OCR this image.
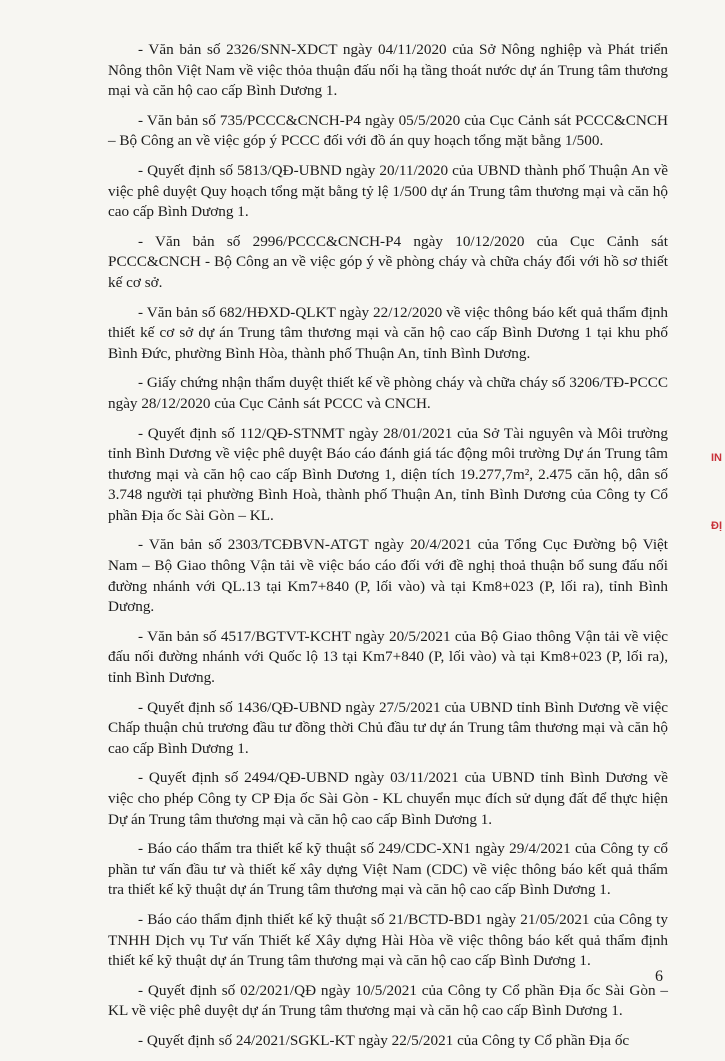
- Văn bản số 2326/SNN-XDCT ngày 04/11/2020 của Sở Nông nghiệp và Phát triển Nông thôn Việt Nam về việc thỏa thuận đấu nối hạ tầng thoát nước dự án Trung tâm thương mại và căn hộ cao cấp Bình Dương 1.

- Văn bản số 735/PCCC&CNCH-P4 ngày 05/5/2020 của Cục Cảnh sát PCCC&CNCH – Bộ Công an về việc góp ý PCCC đối với đồ án quy hoạch tổng mặt bằng 1/500.

- Quyết định số 5813/QĐ-UBND ngày 20/11/2020 của UBND thành phố Thuận An về việc phê duyệt Quy hoạch tổng mặt bằng tỷ lệ 1/500 dự án Trung tâm thương mại và căn hộ cao cấp Bình Dương 1.

- Văn bản số 2996/PCCC&CNCH-P4 ngày 10/12/2020 của Cục Cảnh sát PCCC&CNCH - Bộ Công an về việc góp ý về phòng cháy và chữa cháy đối với hồ sơ thiết kế cơ sở.

- Văn bản số 682/HĐXD-QLKT ngày 22/12/2020 về việc thông báo kết quả thẩm định thiết kế cơ sở dự án Trung tâm thương mại và căn hộ cao cấp Bình Dương 1 tại khu phố Bình Đức, phường Bình Hòa, thành phố Thuận An, tỉnh Bình Dương.

- Giấy chứng nhận thẩm duyệt thiết kế về phòng cháy và chữa cháy số 3206/TĐ-PCCC ngày 28/12/2020 của Cục Cảnh sát PCCC và CNCH.

- Quyết định số 112/QĐ-STNMT ngày 28/01/2021 của Sở Tài nguyên và Môi trường tỉnh Bình Dương về việc phê duyệt Báo cáo đánh giá tác động môi trường Dự án Trung tâm thương mại và căn hộ cao cấp Bình Dương 1, diện tích 19.277,7m², 2.475 căn hộ, dân số 3.748 người tại phường Bình Hoà, thành phố Thuận An, tỉnh Bình Dương của Công ty Cổ phần Địa ốc Sài Gòn – KL.

- Văn bản số 2303/TCĐBVN-ATGT ngày 20/4/2021 của Tổng Cục Đường bộ Việt Nam – Bộ Giao thông Vận tải về việc báo cáo đối với đề nghị thoả thuận bổ sung đấu nối đường nhánh với QL.13 tại Km7+840 (P, lối vào) và tại Km8+023 (P, lối ra), tỉnh Bình Dương.

- Văn bản số 4517/BGTVT-KCHT ngày 20/5/2021 của Bộ Giao thông Vận tải về việc đấu nối đường nhánh với Quốc lộ 13 tại Km7+840 (P, lối vào) và tại Km8+023 (P, lối ra), tỉnh Bình Dương.

- Quyết định số 1436/QĐ-UBND ngày 27/5/2021 của UBND tỉnh Bình Dương về việc Chấp thuận chủ trương đầu tư đồng thời Chủ đầu tư dự án Trung tâm thương mại và căn hộ cao cấp Bình Dương 1.

- Quyết định số 2494/QĐ-UBND ngày 03/11/2021 của UBND tỉnh Bình Dương về việc cho phép Công ty CP Địa ốc Sài Gòn - KL chuyển mục đích sử dụng đất để thực hiện Dự án Trung tâm thương mại và căn hộ cao cấp Bình Dương 1.

- Báo cáo thẩm tra thiết kế kỹ thuật số 249/CDC-XN1 ngày 29/4/2021 của Công ty cổ phần tư vấn đầu tư và thiết kế xây dựng Việt Nam (CDC) về việc thông báo kết quả thẩm tra thiết kế kỹ thuật dự án Trung tâm thương mại và căn hộ cao cấp Bình Dương 1.

- Báo cáo thẩm định thiết kế kỹ thuật số 21/BCTD-BD1 ngày 21/05/2021 của Công ty TNHH Dịch vụ Tư vấn Thiết kế Xây dựng Hài Hòa về việc thông báo kết quả thẩm định thiết kế kỹ thuật dự án Trung tâm thương mại và căn hộ cao cấp Bình Dương 1.

- Quyết định số 02/2021/QĐ ngày 10/5/2021 của Công ty Cổ phần Địa ốc Sài Gòn – KL về việc phê duyệt dự án Trung tâm thương mại và căn hộ cao cấp Bình Dương 1.

- Quyết định số 24/2021/SGKL-KT ngày 22/5/2021 của Công ty Cổ phần Địa ốc

6
IN
ĐỊ
